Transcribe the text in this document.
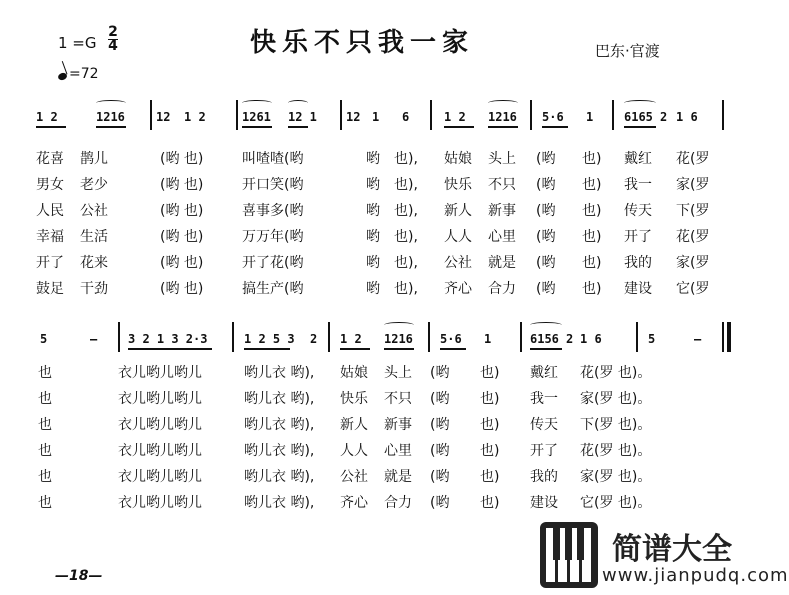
快乐不只我一家
$1 =G \frac{2}{4}$	巴东·官渡
=72
1 2	1216	12 1 2	1261 12 1 12 1 6	1 2 1216 5·6 1	6165 2 1 6
花喜 鹊儿	(哟 也)	叫喳喳(哟	哟 也), 姑娘 头上 (哟 也) 戴红 花(罗
男女 老少	(哟 也)	开口笑(哟	哟 也), 快乐 不只 (哟 也) 我一 家(罗
人民 公社	(哟 也)	喜事多(哟	哟 也), 新人 新事 (哟 也) 传天 下(罗
幸福 生活	(哟 也)	万万年(哟	哟 也), 人人 心里 (哟 也) 开了 花(罗
开了 花来	(哟 也)	开了花(哟	哟 也), 公社 就是 (哟 也) 我的 家(罗
鼓足 干劲	(哟 也)	搞生产(哟	哟 也), 齐心 合力 (哟 也) 建设 它(罗
5	—	3 2 1 3 2·3	1 2 5 3 2 1 2 1216 5·6 1	6156 2 1 6	5	—
也	衣儿哟儿哟儿	哟儿衣 哟), 姑娘 头上 (哟 也) 戴红 花(罗 也)。
也	衣儿哟儿哟儿	哟儿衣 哟), 快乐 不只 (哟 也) 我一 家(罗 也)。
也	衣儿哟儿哟儿	哟儿衣 哟), 新人 新事 (哟 也) 传天 下(罗 也)。
也	衣儿哟儿哟儿	哟儿衣 哟), 人人 心里 (哟 也) 开了 花(罗 也)。
也	衣儿哟儿哟儿	哟儿衣 哟), 公社 就是 (哟 也) 我的 家(罗 也)。
也	衣儿哟儿哟儿	哟儿衣 哟), 齐心 合力 (哟 也) 建设 它(罗 也)。
—18—
简谱大全
www.jianpudq.com
